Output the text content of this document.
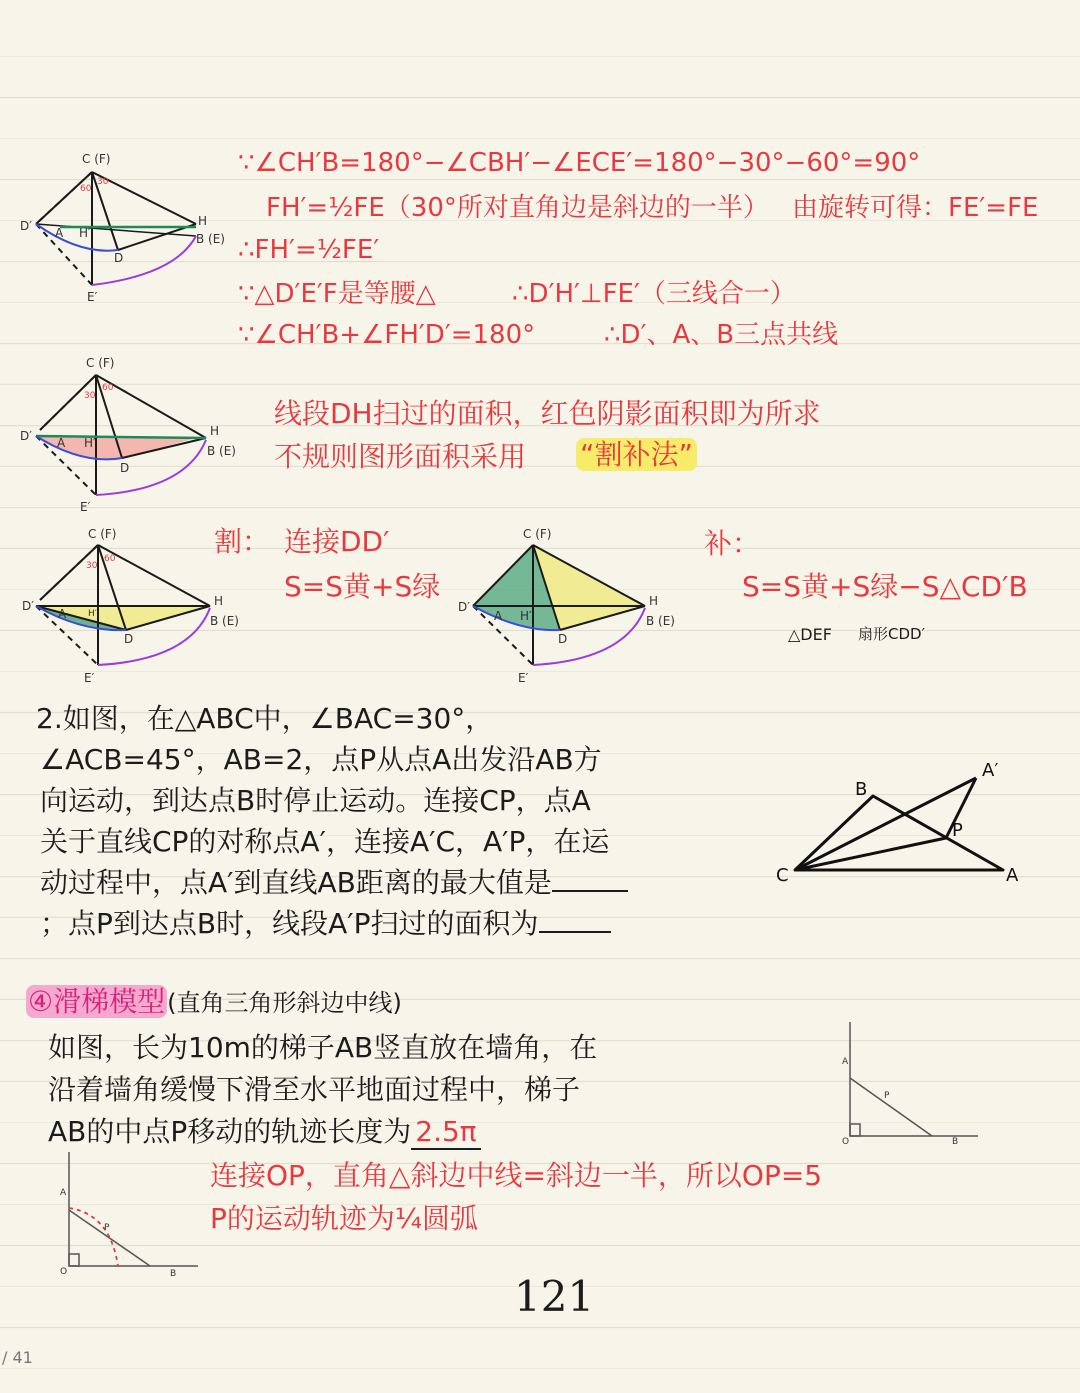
C (F)
H
B (E)
D′ A H′
D
E′
60
30
∵∠CH′B=180°−∠CBH′−∠ECE′=180°−30°−60°=90°
FH′=½FE（30°所对直角边是斜边的一半） 由旋转可得：FE′=FE
∴FH′=½FE′
∵△D′E′F是等腰△	∴D′H′⊥FE′（三线合一）
∵∠CH′B+∠FH′D′=180°	∴D′、A、B三点共线
C (F)
H
B (E)
D′ A H′
D
E′
30
60
线段DH扫过的面积，红色阴影面积即为所求
不规则图形面积采用 “割补法”
C (F)
H
B (E)
D′
A H′
D
E′
30
60
C (F)
H
B (E)
D′
A H′
D
E′
割： 连接DD′
S=S黄+S绿
补：
S=S黄+S绿−S△CD′B
△DEF 扇形CDD′
2.如图，在△ABC中，∠BAC=30°，
∠ACB=45°，AB=2，点P从点A出发沿AB方
向运动，到达点B时停止运动。连接CP，点A
关于直线CP的对称点A′，连接A′C，A′P，在运
动过程中，点A′到直线AB距离的最大值是
；点P到达点B时，线段A′P扫过的面积为
B
A′
P
C	A
④滑梯模型(直角三角形斜边中线)
如图，长为10m的梯子AB竖直放在墙角，在
沿着墙角缓慢下滑至水平地面过程中，梯子
AB的中点P移动的轨迹长度为 2.5π
A
P
O	B
A
P
O	B
连接OP，直角△斜边中线=斜边一半，所以OP=5
P的运动轨迹为¼圆弧
121
/ 41
